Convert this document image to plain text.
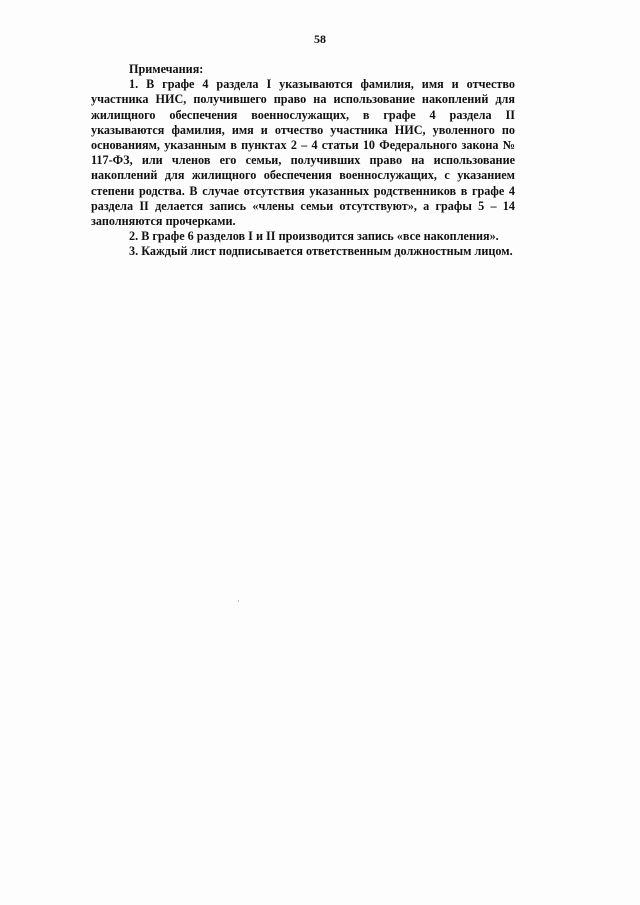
58

Примечания:

1. В графе 4 раздела I указываются фамилия, имя и отчество участника НИС, получившего право на использование накоплений для жилищного обеспечения военнослужащих, в графе 4 раздела II указываются фамилия, имя и отчество участника НИС, уволенного по основаниям, указанным в пунктах 2 – 4 статьи 10 Федерального закона № 117-ФЗ, или членов его семьи, получивших право на использование накоплений для жилищного обеспечения военнослужащих, с указанием степени родства. В случае отсутствия указанных родственников в графе 4 раздела II делается запись «члены семьи отсутствуют», а графы 5 – 14 заполняются прочерками.

2. В графе 6 разделов I и II производится запись «все накопления».

3. Каждый лист подписывается ответственным должностным лицом.
